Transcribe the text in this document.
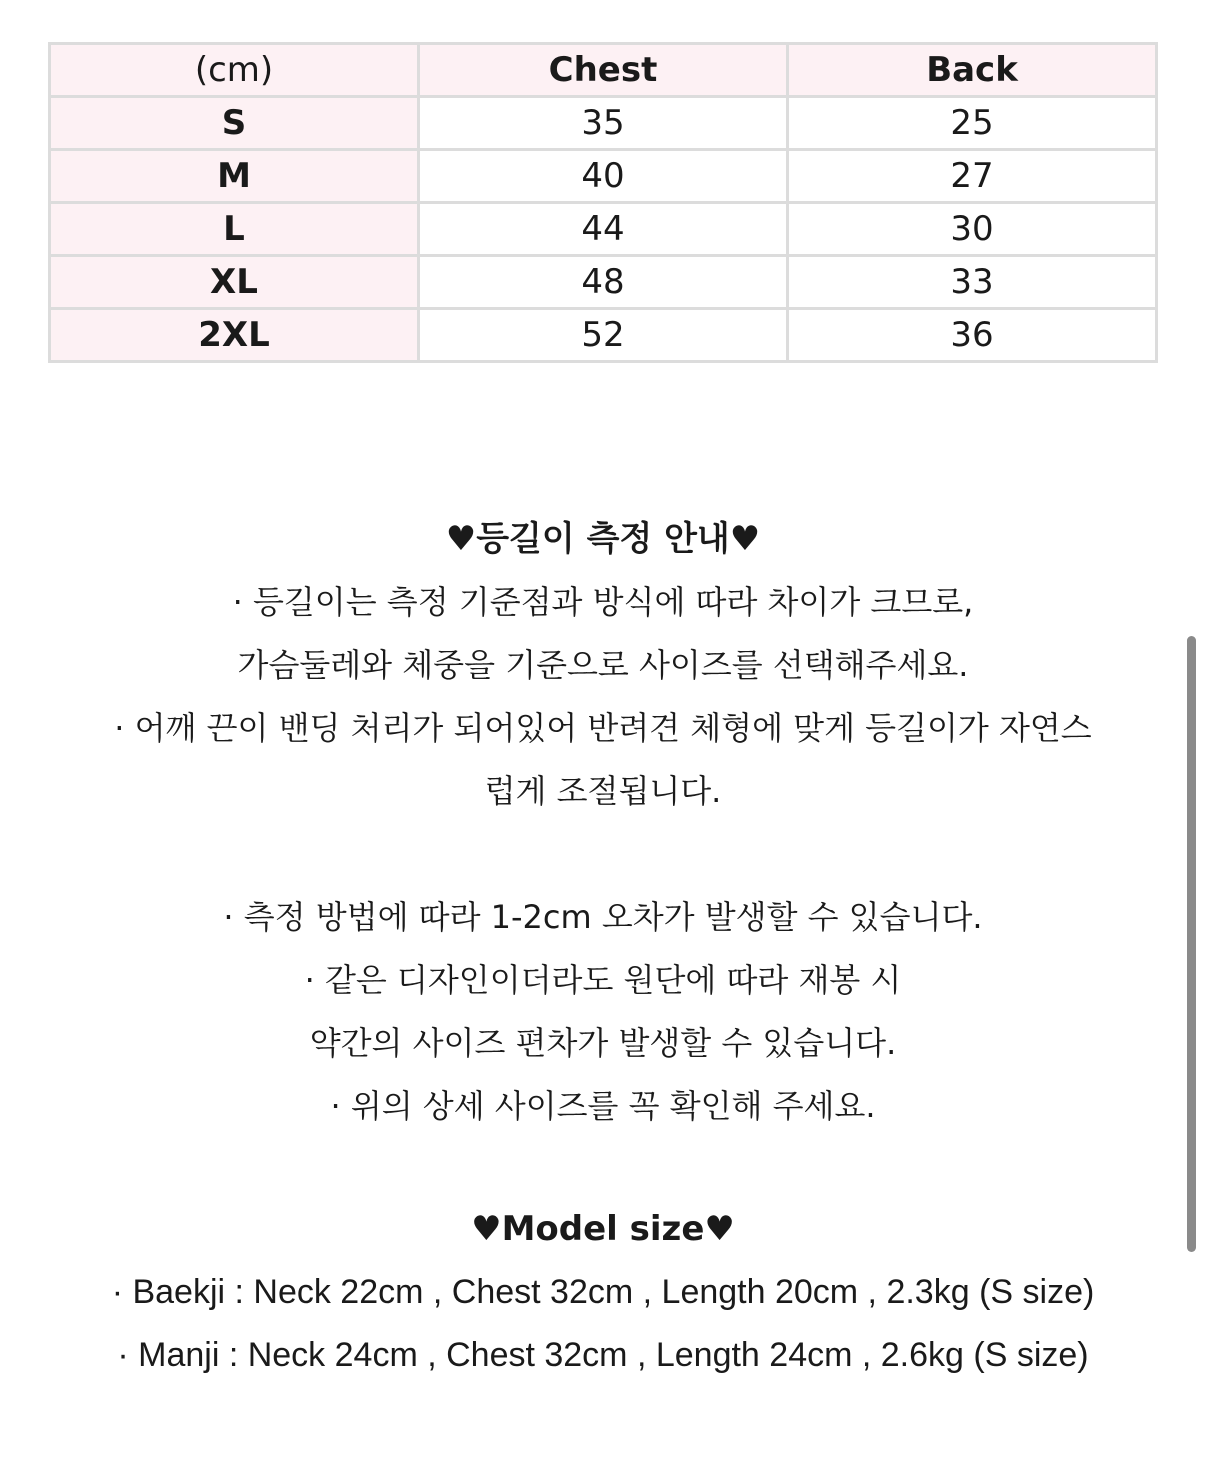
(cm)	Chest	Back
S	35	25
M	40	27
L	44	30
XL	48	33
2XL	52	36
♥등길이 측정 안내♥
· 등길이는 측정 기준점과 방식에 따라 차이가 크므로,
가슴둘레와 체중을 기준으로 사이즈를 선택해주세요.
· 어깨 끈이 밴딩 처리가 되어있어 반려견 체형에 맞게 등길이가 자연스
럽게 조절됩니다.
· 측정 방법에 따라 1-2cm 오차가 발생할 수 있습니다.
· 같은 디자인이더라도 원단에 따라 재봉 시
약간의 사이즈 편차가 발생할 수 있습니다.
· 위의 상세 사이즈를 꼭 확인해 주세요.
♥Model size♥
· Baekji : Neck 22cm , Chest 32cm , Length 20cm , 2.3kg (S size)
· Manji : Neck 24cm , Chest 32cm , Length 24cm , 2.6kg (S size)
